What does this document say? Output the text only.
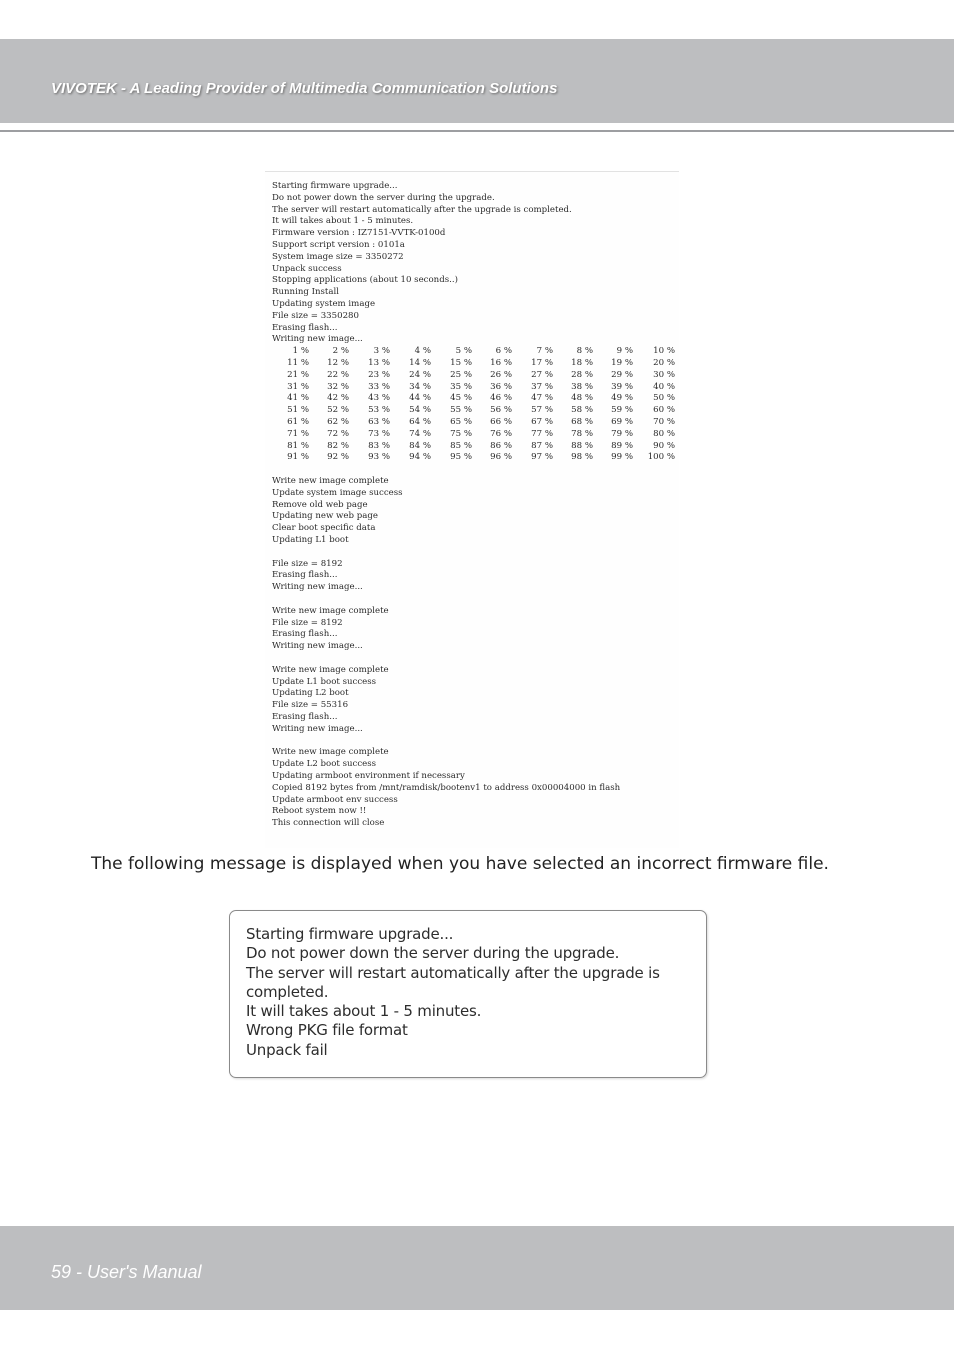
VIVOTEK - A Leading Provider of Multimedia Communication Solutions
Starting firmware upgrade...
Do not power down the server during the upgrade.
The server will restart automatically after the upgrade is completed.
It will takes about 1 - 5 minutes.
Firmware version : IZ7151-VVTK-0100d
Support script version : 0101a
System image size = 3350272
Unpack success
Stopping applications (about 10 seconds..)
Running Install
Updating system image
File size = 3350280
Erasing flash...
Writing new image...
1 %	2 %	3 %	4 %	5 %	6 %	7 %	8 %	9 %	10 %
11 %	12 %	13 %	14 %	15 %	16 %	17 %	18 %	19 %	20 %
21 %	22 %	23 %	24 %	25 %	26 %	27 %	28 %	29 %	30 %
31 %	32 %	33 %	34 %	35 %	36 %	37 %	38 %	39 %	40 %
41 %	42 %	43 %	44 %	45 %	46 %	47 %	48 %	49 %	50 %
51 %	52 %	53 %	54 %	55 %	56 %	57 %	58 %	59 %	60 %
61 %	62 %	63 %	64 %	65 %	66 %	67 %	68 %	69 %	70 %
71 %	72 %	73 %	74 %	75 %	76 %	77 %	78 %	79 %	80 %
81 %	82 %	83 %	84 %	85 %	86 %	87 %	88 %	89 %	90 %
91 %	92 %	93 %	94 %	95 %	96 %	97 %	98 %	99 %	100 %
Write new image complete
Update system image success
Remove old web page
Updating new web page
Clear boot specific data
Updating L1 boot
File size = 8192
Erasing flash...
Writing new image...
Write new image complete
File size = 8192
Erasing flash...
Writing new image...
Write new image complete
Update L1 boot success
Updating L2 boot
File size = 55316
Erasing flash...
Writing new image...
Write new image complete
Update L2 boot success
Updating armboot environment if necessary
Copied 8192 bytes from /mnt/ramdisk/bootenv1 to address 0x00004000 in flash
Update armboot env success
Reboot system now !!
This connection will close
The following message is displayed when you have selected an incorrect firmware file.
Starting firmware upgrade...
Do not power down the server during the upgrade.
The server will restart automatically after the upgrade is completed.
It will takes about 1 - 5 minutes.
Wrong PKG file format
Unpack fail
59 - User's Manual
